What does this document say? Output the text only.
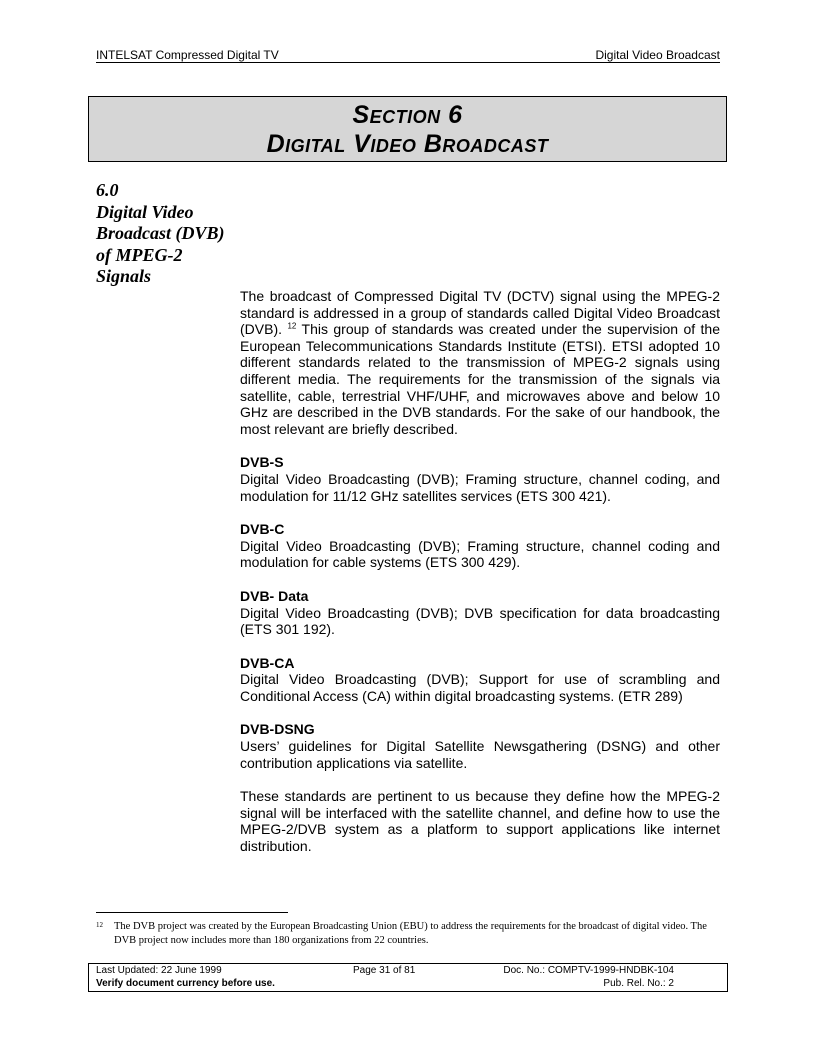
INTELSAT Compressed Digital TV	Digital Video Broadcast
Section 6
Digital Video Broadcast
6.0
Digital Video
Broadcast (DVB)
of MPEG-2
Signals

The broadcast of Compressed Digital TV (DCTV) signal using the MPEG-2 standard is addressed in a group of standards called Digital Video Broadcast (DVB). $^{12}$ This group of standards was created under the supervision of the European Telecommunications Standards Institute (ETSI). ETSI adopted 10 different standards related to the transmission of MPEG-2 signals using different media. The requirements for the transmission of the signals via satellite, cable, terrestrial VHF/UHF, and microwaves above and below 10 GHz are described in the DVB standards. For the sake of our handbook, the most relevant are briefly described.

DVB-S

Digital Video Broadcasting (DVB); Framing structure, channel coding, and modulation for 11/12 GHz satellites services (ETS 300 421).

DVB-C

Digital Video Broadcasting (DVB); Framing structure, channel coding and modulation for cable systems (ETS 300 429).

DVB- Data

Digital Video Broadcasting (DVB); DVB specification for data broadcasting (ETS 301 192).

DVB-CA

Digital Video Broadcasting (DVB); Support for use of scrambling and Conditional Access (CA) within digital broadcasting systems. (ETR 289)

DVB-DSNG

Users’ guidelines for Digital Satellite Newsgathering (DSNG) and other contribution applications via satellite.

These standards are pertinent to us because they define how the MPEG-2 signal will be interfaced with the satellite channel, and define how to use the MPEG-2/DVB system as a platform to support applications like internet distribution.

12	The DVB project was created by the European Broadcasting Union (EBU) to address the requirements for the broadcast of digital video. The DVB project now includes more than 180 organizations from 22 countries.
Last Updated: 22 June 1999	Page 31 of 81	Doc. No.: COMPTV-1999-HNDBK-104
Verify document currency before use.	Pub. Rel. No.: 2
